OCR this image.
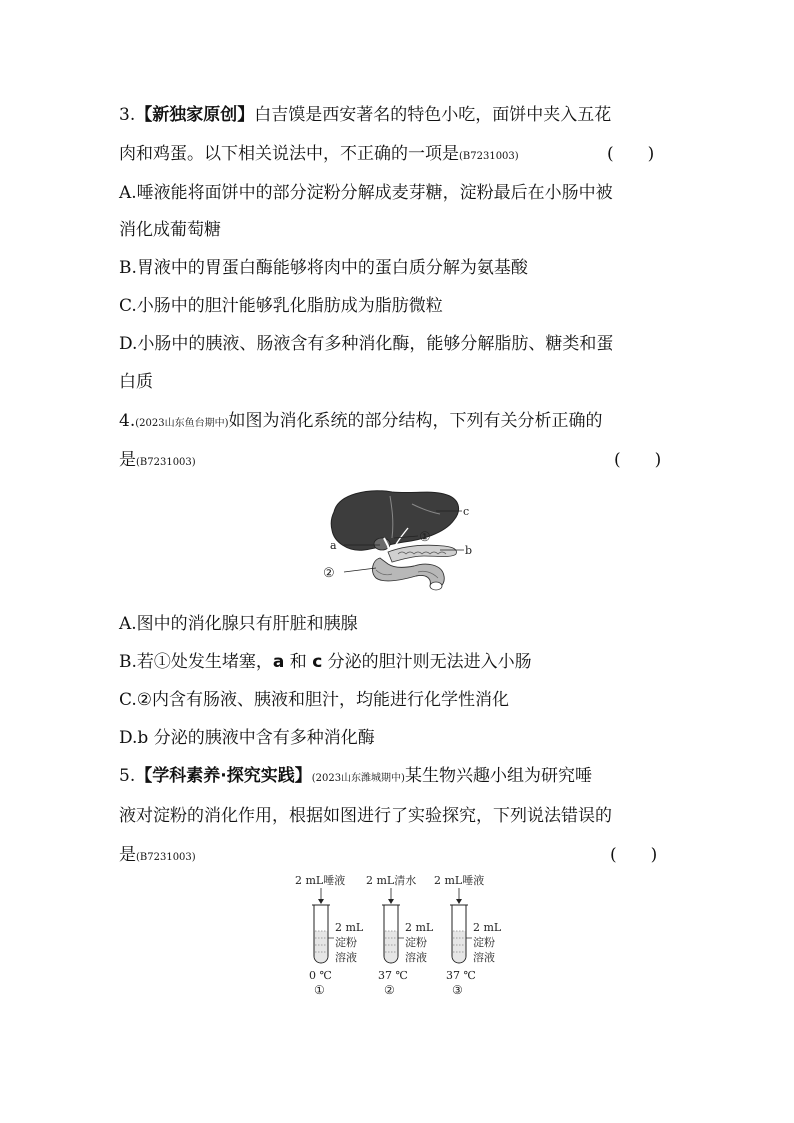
3.【新独家原创】白吉馍是西安著名的特色小吃，面饼中夹入五花
肉和鸡蛋。以下相关说法中，不正确的一项是(B7231003)	(　　)
A.唾液能将面饼中的部分淀粉分解成麦芽糖，淀粉最后在小肠中被
消化成葡萄糖
B.胃液中的胃蛋白酶能够将肉中的蛋白质分解为氨基酸
C.小肠中的胆汁能够乳化脂肪成为脂肪微粒
D.小肠中的胰液、肠液含有多种消化酶，能够分解脂肪、糖类和蛋
白质
4.(2023山东鱼台期中)如图为消化系统的部分结构，下列有关分析正确的
是(B7231003)	(　　)
c
a
①
b
②
A.图中的消化腺只有肝脏和胰腺
B.若①处发生堵塞，a 和 c 分泌的胆汁则无法进入小肠
C.②内含有肠液、胰液和胆汁，均能进行化学性消化
D.b 分泌的胰液中含有多种消化酶
5.【学科素养·探究实践】(2023山东潍城期中)某生物兴趣小组为研究唾
液对淀粉的消化作用，根据如图进行了实验探究，下列说法错误的
是(B7231003)	(　　)
2 mL唾液
2 mL
淀粉
溶液
0 ℃
①
2 mL清水
2 mL
淀粉
溶液
37 ℃
②
2 mL唾液
2 mL
淀粉
溶液
37 ℃
③
